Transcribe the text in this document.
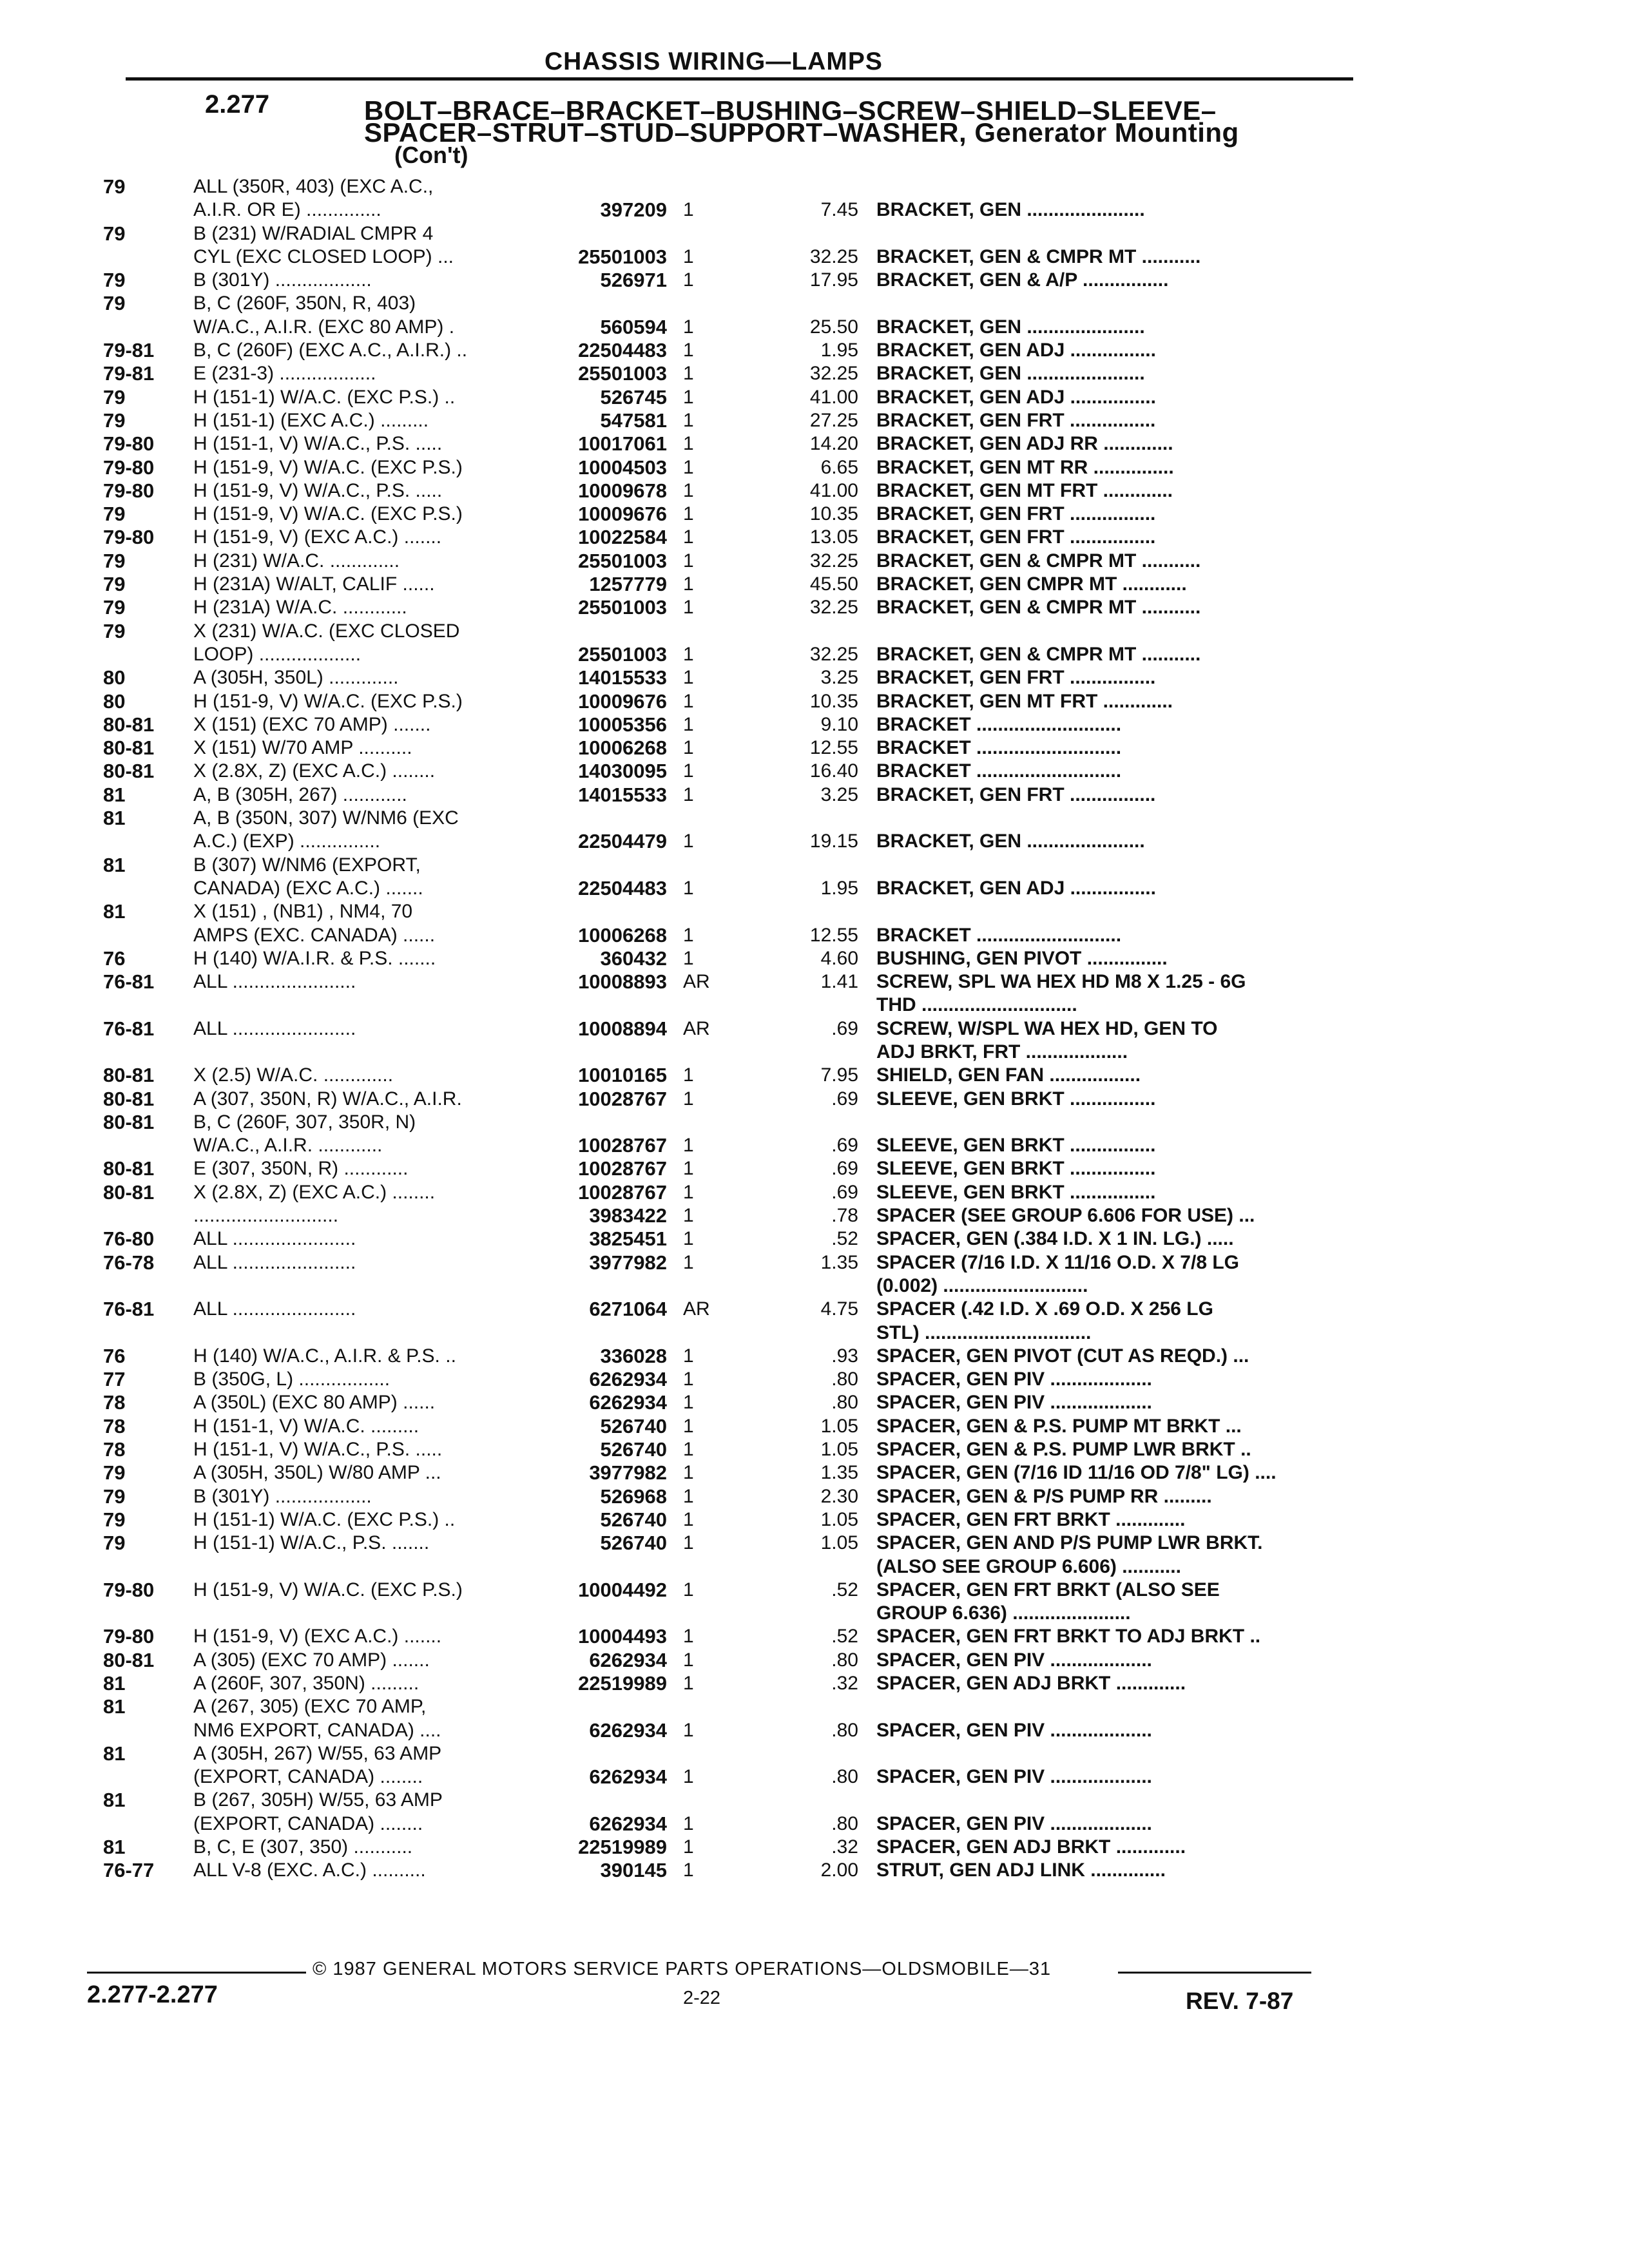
CHASSIS WIRING—LAMPS
2.277	BOLT–BRACE–BRACKET–BUSHING–SCREW–SHIELD–SLEEVE–
SPACER–STRUT–STUD–SUPPORT–WASHER, Generator Mounting
(Con't)
79	ALL (350R, 403) (EXC A.C.,
A.I.R. OR E) ..............	397209 1	7.45 BRACKET, GEN ......................
79	B (231) W/RADIAL CMPR 4
CYL (EXC CLOSED LOOP) ...	25501003 1	32.25 BRACKET, GEN & CMPR MT ...........
79	B (301Y) ..................	526971 1	17.95 BRACKET, GEN & A/P ................
79	B, C (260F, 350N, R, 403)
W/A.C., A.I.R. (EXC 80 AMP) .	560594 1	25.50 BRACKET, GEN ......................
79-81 B, C (260F) (EXC A.C., A.I.R.) ..	22504483 1	1.95 BRACKET, GEN ADJ ................
79-81 E (231-3) ..................	25501003 1	32.25 BRACKET, GEN ......................
79	H (151-1) W/A.C. (EXC P.S.) ..	526745 1	41.00 BRACKET, GEN ADJ ................
79	H (151-1) (EXC A.C.) .........	547581 1	27.25 BRACKET, GEN FRT ................
79-80 H (151-1, V) W/A.C., P.S. .....	10017061 1	14.20 BRACKET, GEN ADJ RR .............
79-80 H (151-9, V) W/A.C. (EXC P.S.)	10004503 1	6.65 BRACKET, GEN MT RR ...............
79-80 H (151-9, V) W/A.C., P.S. .....	10009678 1	41.00 BRACKET, GEN MT FRT .............
79	H (151-9, V) W/A.C. (EXC P.S.)	10009676 1	10.35 BRACKET, GEN FRT ................
79-80 H (151-9, V) (EXC A.C.) .......	10022584 1	13.05 BRACKET, GEN FRT ................
79	H (231) W/A.C. .............	25501003 1	32.25 BRACKET, GEN & CMPR MT ...........
79	H (231A) W/ALT, CALIF ......	1257779 1	45.50 BRACKET, GEN CMPR MT ............
79	H (231A) W/A.C. ............	25501003 1	32.25 BRACKET, GEN & CMPR MT ...........
79	X (231) W/A.C. (EXC CLOSED
LOOP) ...................	25501003 1	32.25 BRACKET, GEN & CMPR MT ...........
80	A (305H, 350L) .............	14015533 1	3.25 BRACKET, GEN FRT ................
80	H (151-9, V) W/A.C. (EXC P.S.)	10009676 1	10.35 BRACKET, GEN MT FRT .............
80-81 X (151) (EXC 70 AMP) .......	10005356 1	9.10 BRACKET ...........................
80-81 X (151) W/70 AMP ..........	10006268 1	12.55 BRACKET ...........................
80-81 X (2.8X, Z) (EXC A.C.) ........	14030095 1	16.40 BRACKET ...........................
81	A, B (305H, 267) ............	14015533 1	3.25 BRACKET, GEN FRT ................
81	A, B (350N, 307) W/NM6 (EXC
A.C.) (EXP) ...............	22504479 1	19.15 BRACKET, GEN ......................
81	B (307) W/NM6 (EXPORT,
CANADA) (EXC A.C.) .......	22504483 1	1.95 BRACKET, GEN ADJ ................
81	X (151) , (NB1) , NM4, 70
AMPS (EXC. CANADA) ......	10006268 1	12.55 BRACKET ...........................
76	H (140) W/A.I.R. & P.S. .......	360432 1	4.60 BUSHING, GEN PIVOT ...............
76-81 ALL .......................	10008893 AR	1.41 SCREW, SPL WA HEX HD M8 X 1.25 - 6G
THD .............................
76-81 ALL .......................	10008894 AR	.69 SCREW, W/SPL WA HEX HD, GEN TO
ADJ BRKT, FRT ...................
80-81 X (2.5) W/A.C. .............	10010165 1	7.95 SHIELD, GEN FAN .................
80-81 A (307, 350N, R) W/A.C., A.I.R.	10028767 1	.69 SLEEVE, GEN BRKT ................
80-81 B, C (260F, 307, 350R, N)
W/A.C., A.I.R. ............	10028767 1	.69 SLEEVE, GEN BRKT ................
80-81 E (307, 350N, R) ............	10028767 1	.69 SLEEVE, GEN BRKT ................
80-81 X (2.8X, Z) (EXC A.C.) ........	10028767 1	.69 SLEEVE, GEN BRKT ................
...........................	3983422 1	.78 SPACER (SEE GROUP 6.606 FOR USE) ...
76-80 ALL .......................	3825451 1	.52 SPACER, GEN (.384 I.D. X 1 IN. LG.) .....
76-78 ALL .......................	3977982 1	1.35 SPACER (7/16 I.D. X 11/16 O.D. X 7/8 LG
(0.002) ...........................
76-81 ALL .......................	6271064 AR	4.75 SPACER (.42 I.D. X .69 O.D. X 256 LG
STL) ...............................
76	H (140) W/A.C., A.I.R. & P.S. ..	336028 1	.93 SPACER, GEN PIVOT (CUT AS REQD.) ...
77	B (350G, L) .................	6262934 1	.80 SPACER, GEN PIV ...................
78	A (350L) (EXC 80 AMP) ......	6262934 1	.80 SPACER, GEN PIV ...................
78	H (151-1, V) W/A.C. .........	526740 1	1.05 SPACER, GEN & P.S. PUMP MT BRKT ...
78	H (151-1, V) W/A.C., P.S. .....	526740 1	1.05 SPACER, GEN & P.S. PUMP LWR BRKT ..
79	A (305H, 350L) W/80 AMP ...	3977982 1	1.35 SPACER, GEN (7/16 ID 11/16 OD 7/8" LG) ....
79	B (301Y) ..................	526968 1	2.30 SPACER, GEN & P/S PUMP RR .........
79	H (151-1) W/A.C. (EXC P.S.) ..	526740 1	1.05 SPACER, GEN FRT BRKT .............
79	H (151-1) W/A.C., P.S. .......	526740 1	1.05 SPACER, GEN AND P/S PUMP LWR BRKT.
(ALSO SEE GROUP 6.606) ...........
79-80 H (151-9, V) W/A.C. (EXC P.S.)	10004492 1	.52 SPACER, GEN FRT BRKT (ALSO SEE
GROUP 6.636) ......................
79-80 H (151-9, V) (EXC A.C.) .......	10004493 1	.52 SPACER, GEN FRT BRKT TO ADJ BRKT ..
80-81 A (305) (EXC 70 AMP) .......	6262934 1	.80 SPACER, GEN PIV ...................
81	A (260F, 307, 350N) .........	22519989 1	.32 SPACER, GEN ADJ BRKT .............
81	A (267, 305) (EXC 70 AMP,
NM6 EXPORT, CANADA) ....	6262934 1	.80 SPACER, GEN PIV ...................
81	A (305H, 267) W/55, 63 AMP
(EXPORT, CANADA) ........	6262934 1	.80 SPACER, GEN PIV ...................
81	B (267, 305H) W/55, 63 AMP
(EXPORT, CANADA) ........	6262934 1	.80 SPACER, GEN PIV ...................
81	B, C, E (307, 350) ...........	22519989 1	.32 SPACER, GEN ADJ BRKT .............
76-77 ALL V-8 (EXC. A.C.) ..........	390145 1	2.00 STRUT, GEN ADJ LINK ..............
2.277-2.277
© 1987 GENERAL MOTORS SERVICE PARTS OPERATIONS—OLDSMOBILE—31
2-22	REV. 7-87
